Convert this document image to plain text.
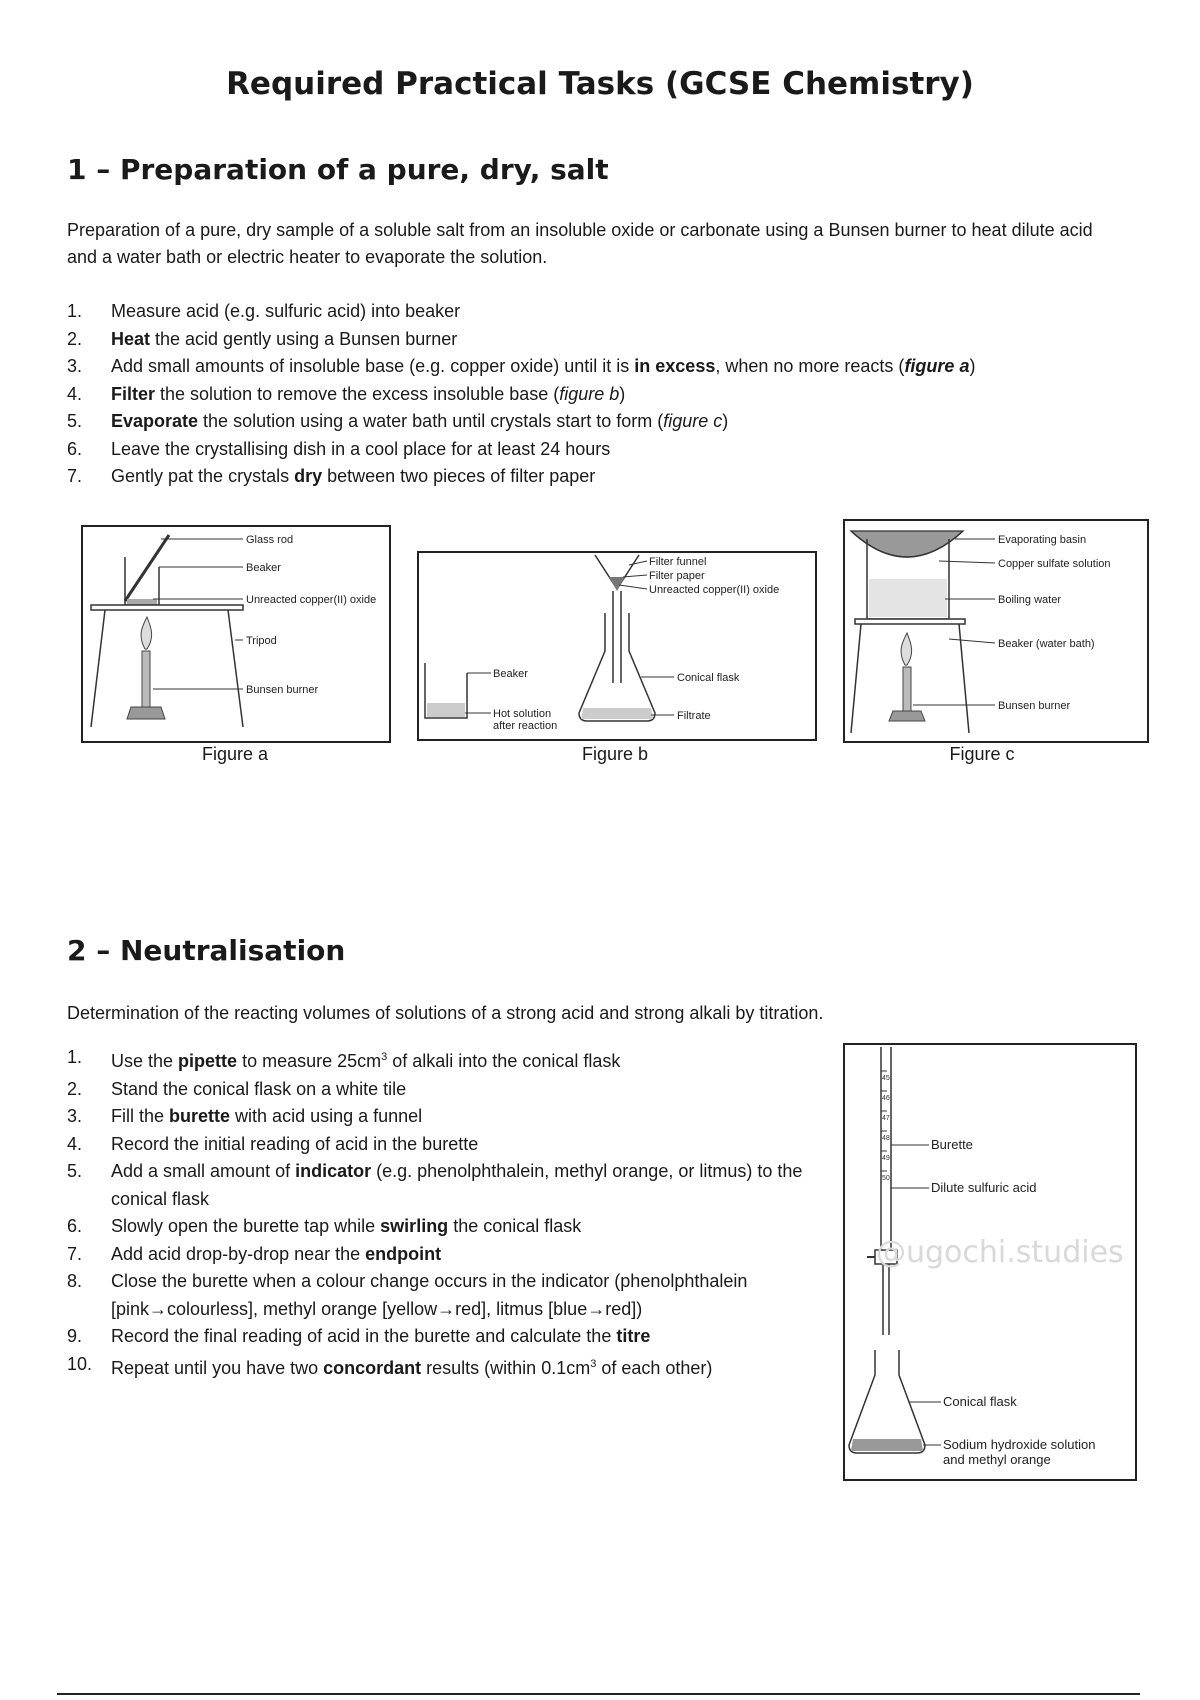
Required Practical Tasks (GCSE Chemistry)
1 – Preparation of a pure, dry, salt
Preparation of a pure, dry sample of a soluble salt from an insoluble oxide or carbonate using a Bunsen burner to heat dilute acid and a water bath or electric heater to evaporate the solution.
1.	Measure acid (e.g. sulfuric acid) into beaker
2.	Heat the acid gently using a Bunsen burner
3.	Add small amounts of insoluble base (e.g. copper oxide) until it is in excess, when no more reacts (figure a)
4.	Filter the solution to remove the excess insoluble base (figure b)
5.	Evaporate the solution using a water bath until crystals start to form (figure c)
6.	Leave the crystallising dish in a cool place for at least 24 hours
7.	Gently pat the crystals dry between two pieces of filter paper
Glass rod
Beaker
Unreacted copper(II) oxide
Tripod
Bunsen burner
Figure a
Filter funnel
Filter paper
Unreacted copper(II) oxide
Beaker	Conical flask
Hot solution
after reaction
Filtrate
Figure b
Evaporating basin
Copper sulfate solution
Boiling water
Beaker (water bath)
Bunsen burner
Figure c
2 – Neutralisation
Determination of the reacting volumes of solutions of a strong acid and strong alkali by titration.
1.	Use the pipette to measure $25cm^3$ of alkali into the conical flask
2.	Stand the conical flask on a white tile
3.	Fill the burette with acid using a funnel
4.	Record the initial reading of acid in the burette
5.	Add a small amount of indicator (e.g. phenolphthalein, methyl orange, or litmus) to the conical flask
6.	Slowly open the burette tap while swirling the conical flask
7.	Add acid drop-by-drop near the endpoint
8.	Close the burette when a colour change occurs in the indicator (phenolphthalein [pink→colourless], methyl orange [yellow→red], litmus [blue→red])
9.	Record the final reading of acid in the burette and calculate the titre
10.	Repeat until you have two concordant results (within $0.1cm^3$ of each other)
45
46
47
48
49
50
Burette
Dilute sulfuric acid
Conical flask
Sodium hydroxide solution
and methyl orange
@ugochi.studies
